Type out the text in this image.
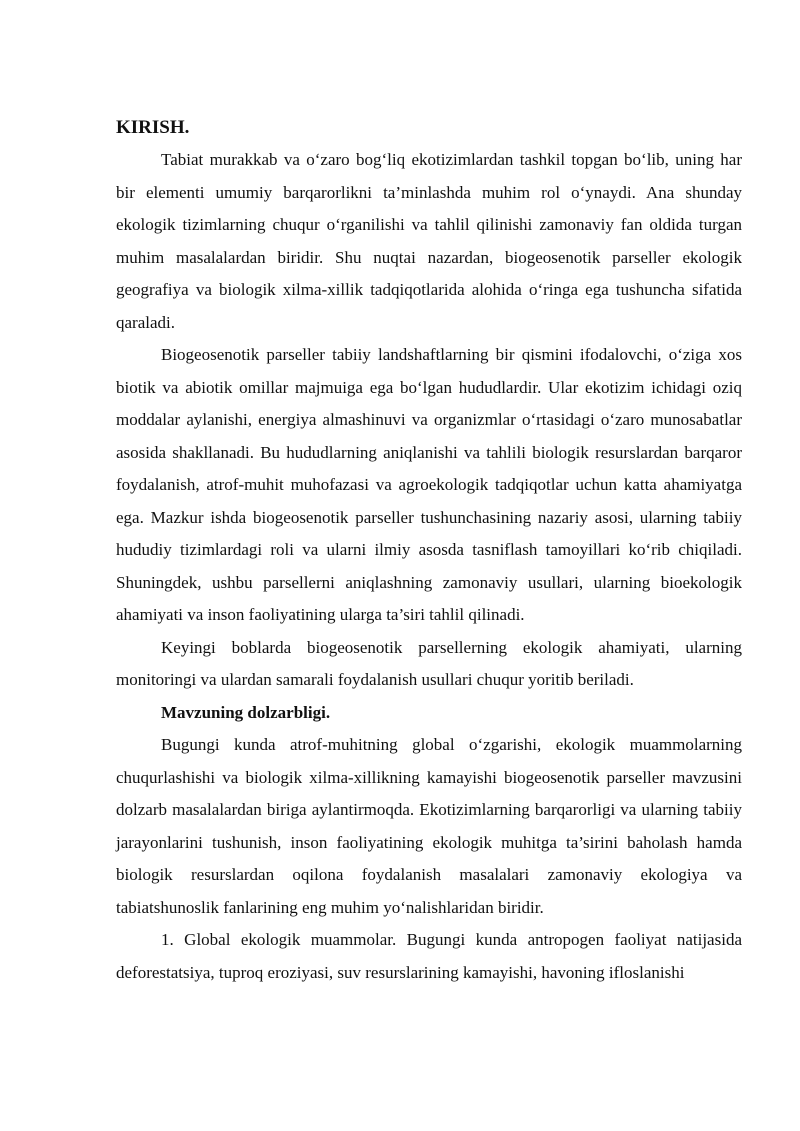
KIRISH.

Tabiat murakkab va o‘zaro bog‘liq ekotizimlardan tashkil topgan bo‘lib, uning har bir elementi umumiy barqarorlikni ta’minlashda muhim rol o‘ynaydi. Ana shunday ekologik tizimlarning chuqur o‘rganilishi va tahlil qilinishi zamonaviy fan oldida turgan muhim masalalardan biridir. Shu nuqtai nazardan, biogeosenotik parseller ekologik geografiya va biologik xilma-xillik tadqiqotlarida alohida o‘ringa ega tushuncha sifatida qaraladi.

Biogeosenotik parseller tabiiy landshaftlarning bir qismini ifodalovchi, o‘ziga xos biotik va abiotik omillar majmuiga ega bo‘lgan hududlardir. Ular ekotizim ichidagi oziq moddalar aylanishi, energiya almashinuvi va organizmlar o‘rtasidagi o‘zaro munosabatlar asosida shakllanadi. Bu hududlarning aniqlanishi va tahlili biologik resurslardan barqaror foydalanish, atrof-muhit muhofazasi va agroekologik tadqiqotlar uchun katta ahamiyatga ega. Mazkur ishda biogeosenotik parseller tushunchasining nazariy asosi, ularning tabiiy hududiy tizimlardagi roli va ularni ilmiy asosda tasniflash tamoyillari ko‘rib chiqiladi. Shuningdek, ushbu parsellerni aniqlashning zamonaviy usullari, ularning bioekologik ahamiyati va inson faoliyatining ularga ta’siri tahlil qilinadi.

Keyingi boblarda biogeosenotik parsellerning ekologik ahamiyati, ularning monitoringi va ulardan samarali foydalanish usullari chuqur yoritib beriladi.

Mavzuning dolzarbligi.

Bugungi kunda atrof-muhitning global o‘zgarishi, ekologik muammolarning chuqurlashishi va biologik xilma-xillikning kamayishi biogeosenotik parseller mavzusini dolzarb masalalardan biriga aylantirmoqda. Ekotizimlarning barqarorligi va ularning tabiiy jarayonlarini tushunish, inson faoliyatining ekologik muhitga ta’sirini baholash hamda biologik resurslardan oqilona foydalanish masalalari zamonaviy ekologiya va tabiatshunoslik fanlarining eng muhim yo‘nalishlaridan biridir.

1. Global ekologik muammolar. Bugungi kunda antropogen faoliyat natijasida deforestatsiya, tuproq eroziyasi, suv resurslarining kamayishi, havoning ifloslanishi
